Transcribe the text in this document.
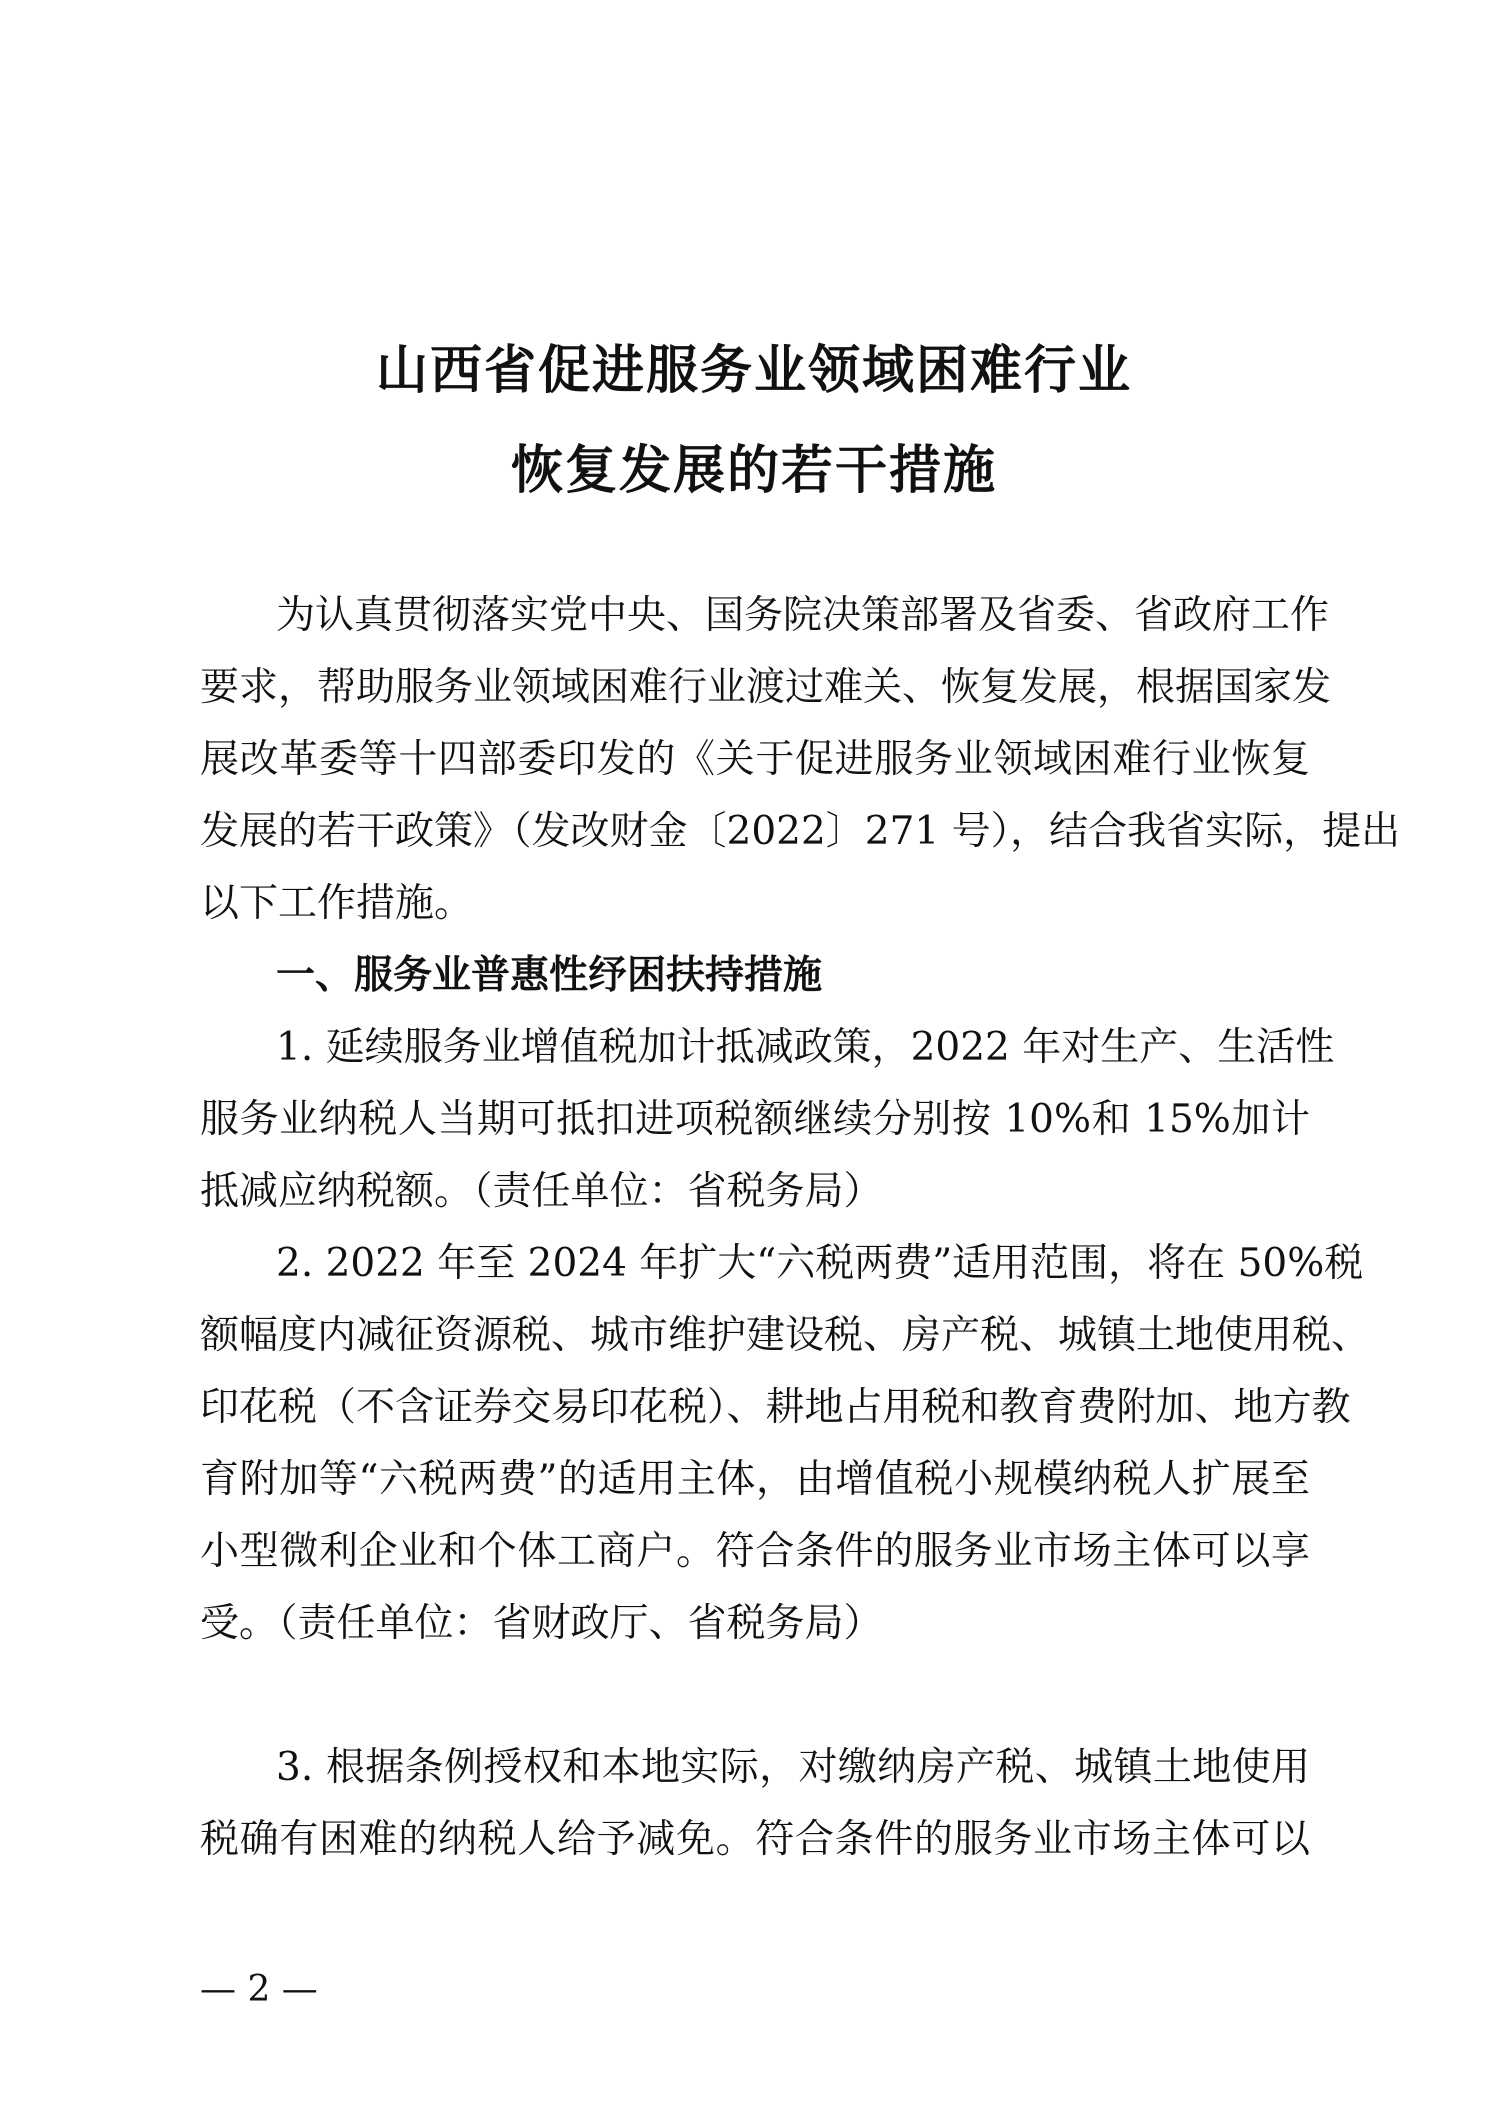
山西省促进服务业领域困难行业
恢复发展的若干措施
为认真贯彻落实党中央、国务院决策部署及省委、省政府工作
要求，帮助服务业领域困难行业渡过难关、恢复发展，根据国家发
展改革委等十四部委印发的《关于促进服务业领域困难行业恢复
发展的若干政策》（发改财金〔2022〕271 号），结合我省实际，提出
以下工作措施。
一、服务业普惠性纾困扶持措施
1. 延续服务业增值税加计抵减政策，2022 年对生产、生活性
服务业纳税人当期可抵扣进项税额继续分别按 10%和 15%加计
抵减应纳税额。（责任单位：省税务局）
2. 2022 年至 2024 年扩大“六税两费”适用范围，将在 50%税
额幅度内减征资源税、城市维护建设税、房产税、城镇土地使用税、
印花税（不含证券交易印花税）、耕地占用税和教育费附加、地方教
育附加等“六税两费”的适用主体，由增值税小规模纳税人扩展至
小型微利企业和个体工商户。符合条件的服务业市场主体可以享
受。（责任单位：省财政厅、省税务局）
3. 根据条例授权和本地实际，对缴纳房产税、城镇土地使用
税确有困难的纳税人给予减免。符合条件的服务业市场主体可以
— 2 —
